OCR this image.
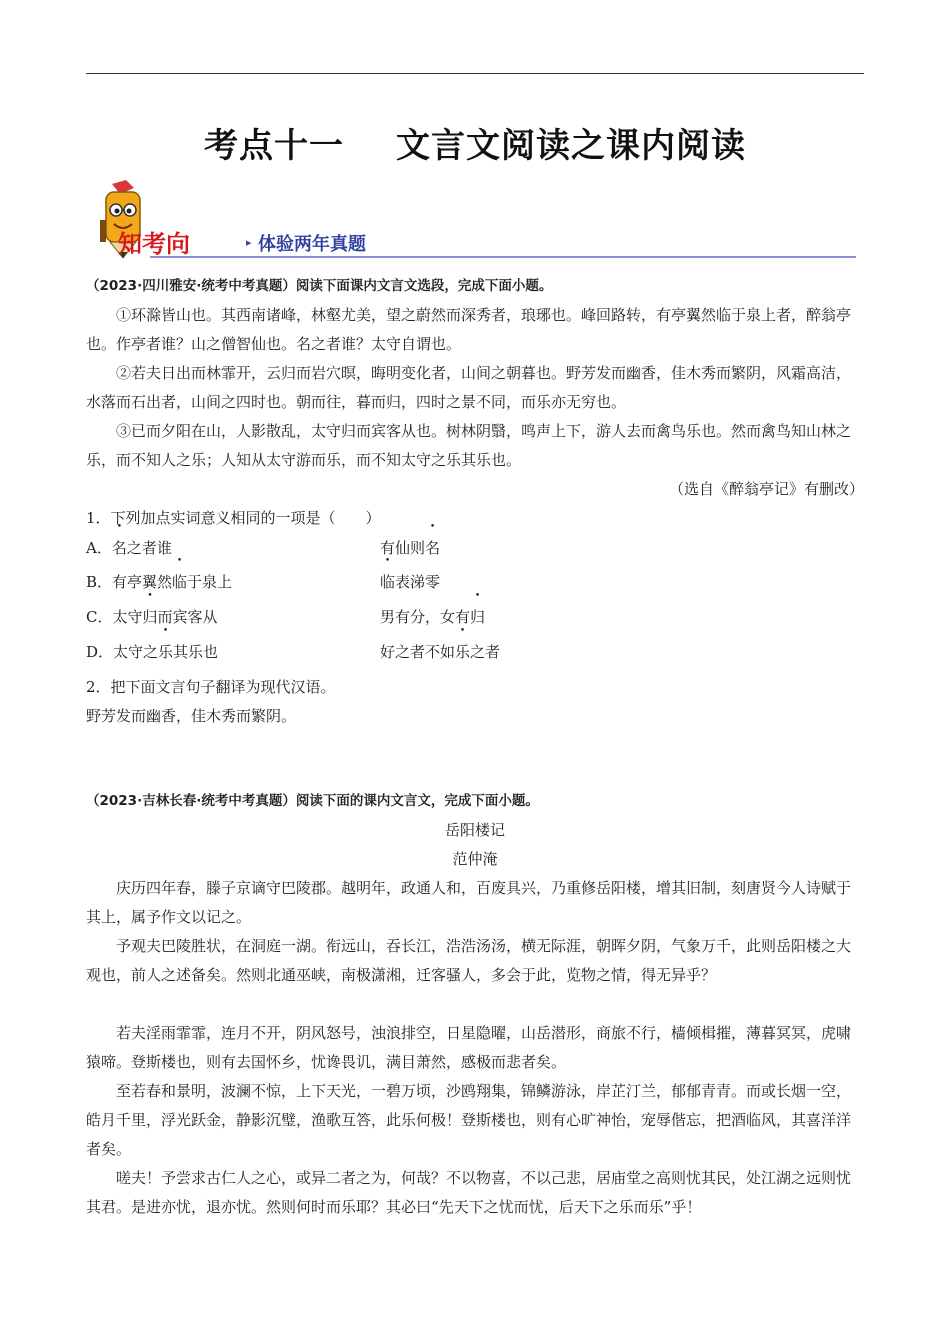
考点十一 文言文阅读之课内阅读
知考向	▸ 体验两年真题
（2023·四川雅安·统考中考真题）阅读下面课内文言文选段，完成下面小题。

①环滁皆山也。其西南诸峰，林壑尤美，望之蔚然而深秀者，琅琊也。峰回路转，有亭翼然临于泉上者，醉翁亭也。作亭者谁？山之僧智仙也。名之者谁？太守自谓也。

②若夫日出而林霏开，云归而岩穴暝，晦明变化者，山间之朝暮也。野芳发而幽香，佳木秀而繁阴，风霜高洁，水落而石出者，山间之四时也。朝而往，暮而归，四时之景不同，而乐亦无穷也。

③已而夕阳在山，人影散乱，太守归而宾客从也。树林阴翳，鸣声上下，游人去而禽鸟乐也。然而禽鸟知山林之乐，而不知人之乐；人知从太守游而乐，而不知太守之乐其乐也。

（选自《醉翁亭记》有删改）
1．下列加点实词意义相同的一项是（　　）
A．名之者谁	有仙则名
B．有亭翼然临于泉上	临表涕零
C．太守归而宾客从	男有分，女有归
D．太守之乐其乐也	好之者不如乐之者
2．把下面文言句子翻译为现代汉语。
野芳发而幽香，佳木秀而繁阴。
（2023·吉林长春·统考中考真题）阅读下面的课内文言文，完成下面小题。
岳阳楼记
范仲淹

庆历四年春，滕子京谪守巴陵郡。越明年，政通人和，百废具兴，乃重修岳阳楼，增其旧制，刻唐贤今人诗赋于其上，属予作文以记之。

予观夫巴陵胜状，在洞庭一湖。衔远山，吞长江，浩浩汤汤，横无际涯，朝晖夕阴，气象万千，此则岳阳楼之大观也，前人之述备矣。然则北通巫峡，南极潇湘，迁客骚人，多会于此，览物之情，得无异乎？

若夫淫雨霏霏，连月不开，阴风怒号，浊浪排空，日星隐曜，山岳潜形，商旅不行，樯倾楫摧，薄暮冥冥，虎啸猿啼。登斯楼也，则有去国怀乡，忧谗畏讥，满目萧然，感极而悲者矣。

至若春和景明，波澜不惊，上下天光，一碧万顷，沙鸥翔集，锦鳞游泳，岸芷汀兰，郁郁青青。而或长烟一空，皓月千里，浮光跃金，静影沉璧，渔歌互答，此乐何极！登斯楼也，则有心旷神怡，宠辱偕忘，把酒临风，其喜洋洋者矣。

嗟夫！予尝求古仁人之心，或异二者之为，何哉？不以物喜，不以己悲，居庙堂之高则忧其民，处江湖之远则忧其君。是进亦忧，退亦忧。然则何时而乐耶？其必曰“先天下之忧而忧，后天下之乐而乐”乎！
